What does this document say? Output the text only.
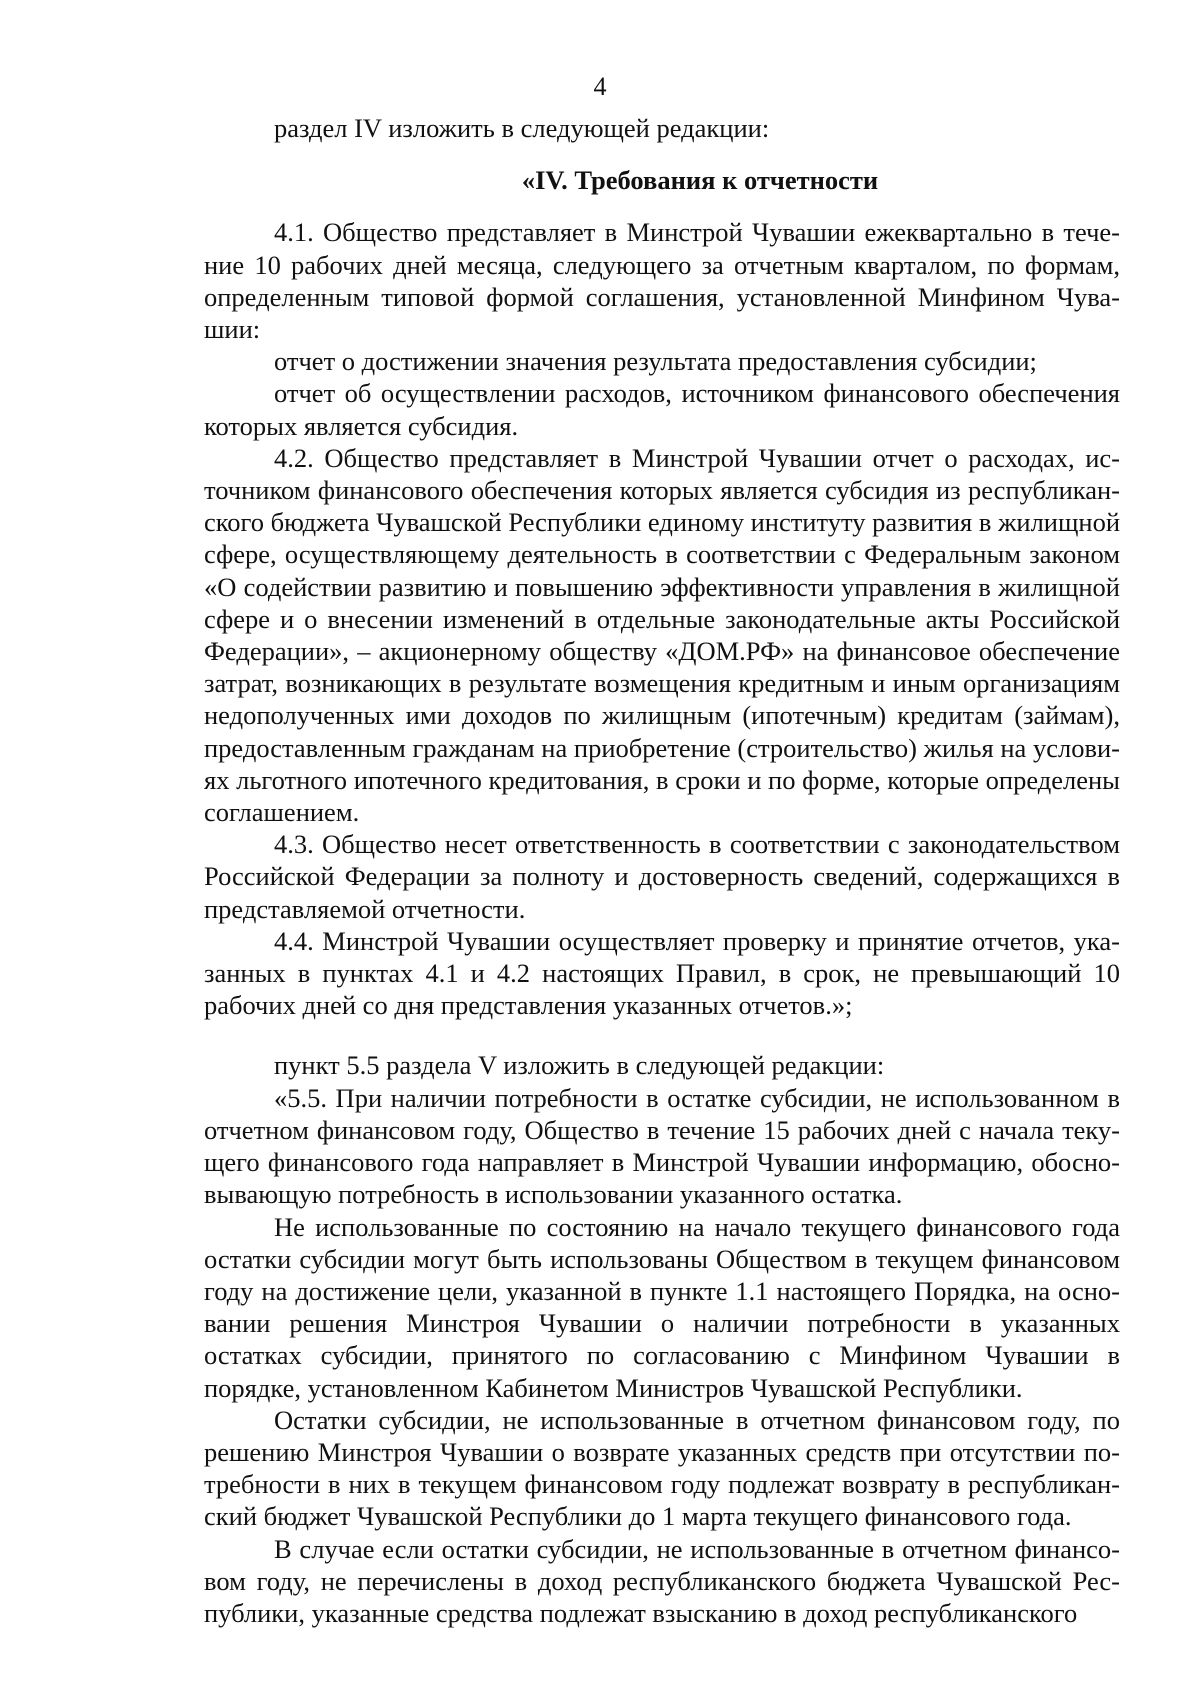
4

раздел IV изложить в следующей редакции:

«IV. Требования к отчетности

4.1. Общество представляет в Минстрой Чувашии ежеквартально в течение 10 рабочих дней месяца, следующего за отчетным кварталом, по формам, определенным типовой формой соглашения, установленной Минфином Чувашии:

отчет о достижении значения результата предоставления субсидии;

отчет об осуществлении расходов, источником финансового обеспечения которых является субсидия.

4.2. Общество представляет в Минстрой Чувашии отчет о расходах, источником финансового обеспечения которых является субсидия из республиканского бюджета Чувашской Республики единому институту развития в жилищной сфере, осуществляющему деятельность в соответствии с Федеральным законом «О содействии развитию и повышению эффективности управления в жилищной сфере и о внесении изменений в отдельные законодательные акты Российской Федерации», – акционерному обществу «ДОМ.РФ» на финансовое обеспечение затрат, возникающих в результате возмещения кредитным и иным организациям недополученных ими доходов по жилищным (ипотечным) кредитам (займам), предоставленным гражданам на приобретение (строительство) жилья на условиях льготного ипотечного кредитования, в сроки и по форме, которые определены соглашением.

4.3. Общество несет ответственность в соответствии с законодательством Российской Федерации за полноту и достоверность сведений, содержащихся в представляемой отчетности.

4.4. Минстрой Чувашии осуществляет проверку и принятие отчетов, указанных в пунктах 4.1 и 4.2 настоящих Правил, в срок, не превышающий 10 рабочих дней со дня представления указанных отчетов.»;

пункт 5.5 раздела V изложить в следующей редакции:

«5.5. При наличии потребности в остатке субсидии, не использованном в отчетном финансовом году, Общество в течение 15 рабочих дней с начала текущего финансового года направляет в Минстрой Чувашии информацию, обосновывающую потребность в использовании указанного остатка.

Не использованные по состоянию на начало текущего финансового года остатки субсидии могут быть использованы Обществом в текущем финансовом году на достижение цели, указанной в пункте 1.1 настоящего Порядка, на основании решения Минстроя Чувашии о наличии потребности в указанных остатках субсидии, принятого по согласованию с Минфином Чувашии в порядке, установленном Кабинетом Министров Чувашской Республики.

Остатки субсидии, не использованные в отчетном финансовом году, по решению Минстроя Чувашии о возврате указанных средств при отсутствии потребности в них в текущем финансовом году подлежат возврату в республиканский бюджет Чувашской Республики до 1 марта текущего финансового года.

В случае если остатки субсидии, не использованные в отчетном финансовом году, не перечислены в доход республиканского бюджета Чувашской Республики, указанные средства подлежат взысканию в доход республиканского
